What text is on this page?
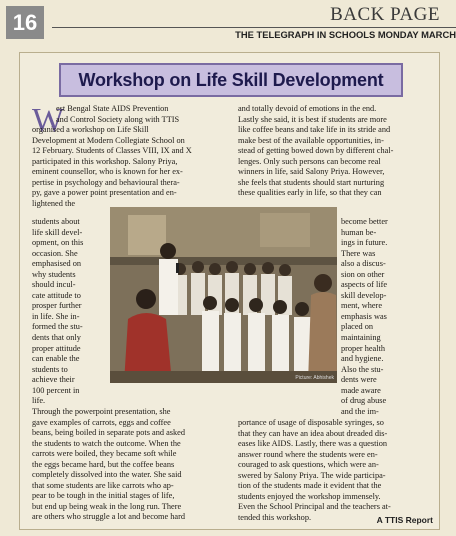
16	BACK PAGE
THE TELEGRAPH IN SCHOOLS MONDAY MARCH
Workshop on Life Skill Development
W
est Bengal State AIDS Prevention
and Control Society along with TTIS
organised a workshop on Life Skill
Development at Modern Collegiate School on
12 February. Students of Classes VIII, IX and X
participated in this workshop. Salony Priya,
eminent counsellor, who is known for her ex-
pertise in psychology and behavioural thera-
py, gave a power point presentation and en-
lightened the
students about
life skill devel-
opment, on this
occasion. She
emphasised on
why students
should incul-
cate attitude to
prosper further
in life. She in-
formed the stu-
dents that only
proper attitude
can enable the
students to
achieve their
100 percent in
life.
Through the powerpoint presentation, she
gave examples of carrots, eggs and coffee
beans, being boiled in separate pots and asked
the students to watch the outcome. When the
carrots were boiled, they became soft while
the eggs became hard, but the coffee beans
completely dissolved into the water. She said
that some students are like carrots who ap-
pear to be tough in the initial stages of life,
but end up being weak in the long run. There
are others who struggle a lot and become hard
and totally devoid of emotions in the end.
Lastly she said, it is best if students are more
like coffee beans and take life in its stride and
make best of the available opportunities, in-
stead of getting bowed down by different chal-
lenges. Only such persons can become real
winners in life, said Salony Priya. However,
she feels that students should start nurturing
these qualities early in life, so that they can
become better
human be-
ings in future.
There was
also a discus-
sion on other
aspects of life
skill develop-
ment, where
emphasis was
placed on
maintaining
proper health
and hygiene.
Also the stu-
dents were
made aware
of drug abuse
and the im-
portance of usage of disposable syringes, so
that they can have an idea about dreaded dis-
eases like AIDS. Lastly, there was a question
answer round where the students were en-
couraged to ask questions, which were an-
swered by Salony Priya. The wide participa-
tion of the students made it evident that the
students enjoyed the workshop immensely.
Even the School Principal and the teachers at-
tended this workshop.
Picture: Abhishek
A TTIS Report
